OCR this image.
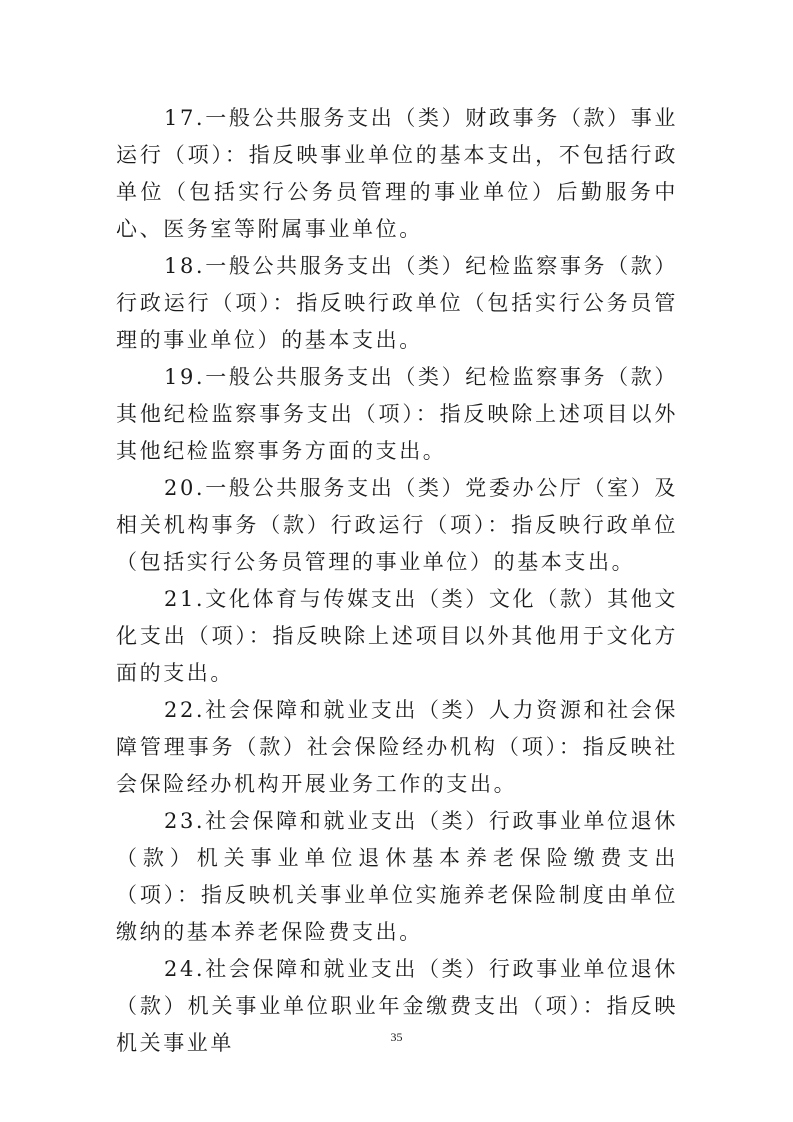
17.一般公共服务支出（类）财政事务（款）事业运行（项）：指反映事业单位的基本支出，不包括行政单位（包括实行公务员管理的事业单位）后勤服务中心、医务室等附属事业单位。

18.一般公共服务支出（类）纪检监察事务（款）行政运行（项）：指反映行政单位（包括实行公务员管理的事业单位）的基本支出。

19.一般公共服务支出（类）纪检监察事务（款）其他纪检监察事务支出（项）：指反映除上述项目以外其他纪检监察事务方面的支出。

20.一般公共服务支出（类）党委办公厅（室）及相关机构事务（款）行政运行（项）：指反映行政单位（包括实行公务员管理的事业单位）的基本支出。

21.文化体育与传媒支出（类）文化（款）其他文化支出（项）：指反映除上述项目以外其他用于文化方面的支出。

22.社会保障和就业支出（类）人力资源和社会保障管理事务（款）社会保险经办机构（项）：指反映社会保险经办机构开展业务工作的支出。

23.社会保障和就业支出（类）行政事业单位退休（款）机关事业单位退休基本养老保险缴费支出（项）：指反映机关事业单位实施养老保险制度由单位缴纳的基本养老保险费支出。

24.社会保障和就业支出（类）行政事业单位退休（款）机关事业单位职业年金缴费支出（项）：指反映机关事业单	35
